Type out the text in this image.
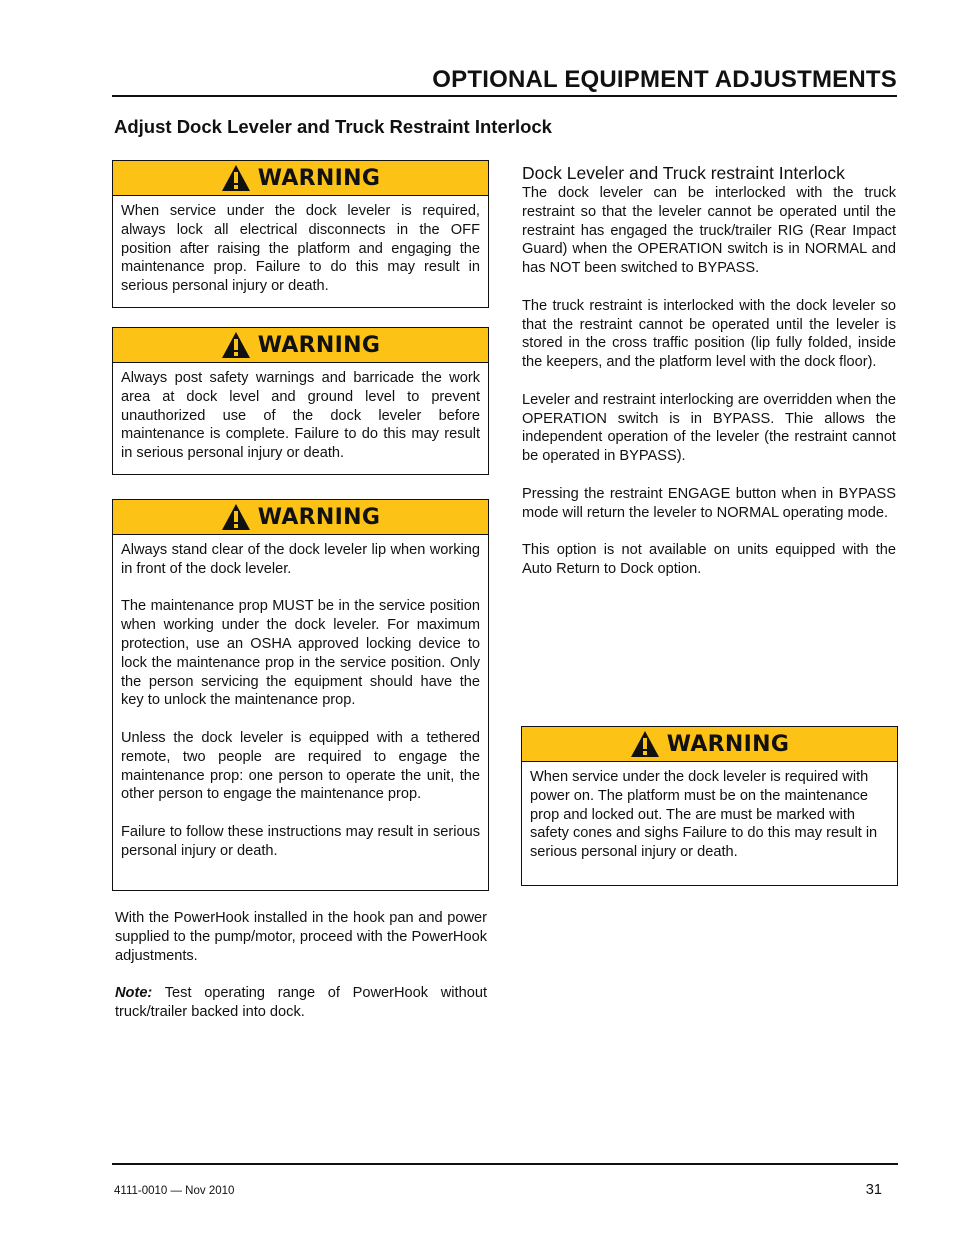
OPTIONAL EQUIPMENT ADJUSTMENTS
Adjust Dock Leveler and Truck Restraint Interlock
WARNING

When service under the dock leveler is required, always lock all electrical disconnects in the OFF position after raising the platform and engaging the maintenance prop. Failure to do this may result in serious personal injury or death.

WARNING

Always post safety warnings and barricade the work area at dock level and ground level to prevent unauthorized use of the dock leveler before maintenance is complete. Failure to do this may result in serious personal injury or death.

WARNING

Always stand clear of the dock leveler lip when working in front of the dock leveler.

The maintenance prop MUST be in the service position when working under the dock leveler. For maximum protection, use an OSHA approved locking device to lock the maintenance prop in the service position. Only the person servicing the equipment should have the key to unlock the maintenance prop.

Unless the dock leveler is equipped with a tethered remote, two people are required to engage the maintenance prop: one person to operate the unit, the other person to engage the maintenance prop.

Failure to follow these instructions may result in serious personal injury or death.

With the PowerHook installed in the hook pan and power supplied to the pump/motor, proceed with the PowerHook adjustments.

Note: Test operating range of PowerHook without truck/trailer backed into dock.

Dock Leveler and Truck restraint Interlock

The dock leveler can be interlocked with the truck restraint so that the leveler cannot be operated until the restraint has engaged the truck/trailer RIG (Rear Impact Guard) when the OPERATION switch is in NORMAL and has NOT been switched to BYPASS.

The truck restraint is interlocked with the dock leveler so that the restraint cannot be operated until the leveler is stored in the cross traffic position (lip fully folded, inside the keepers, and the platform level with the dock floor).

Leveler and restraint interlocking are overridden when the OPERATION switch is in BYPASS. Thie allows the independent operation of the leveler (the restraint cannot be operated in BYPASS).

Pressing the restraint ENGAGE button when in BYPASS mode will return the leveler to NORMAL operating mode.

This option is not available on units equipped with the Auto Return to Dock option.

WARNING

When service under the dock leveler is required with power on. The platform must be on the maintenance prop and locked out. The are must be marked with safety cones and sighs Failure to do this may result in serious personal injury or death.

4111-0010 — Nov 2010	31
